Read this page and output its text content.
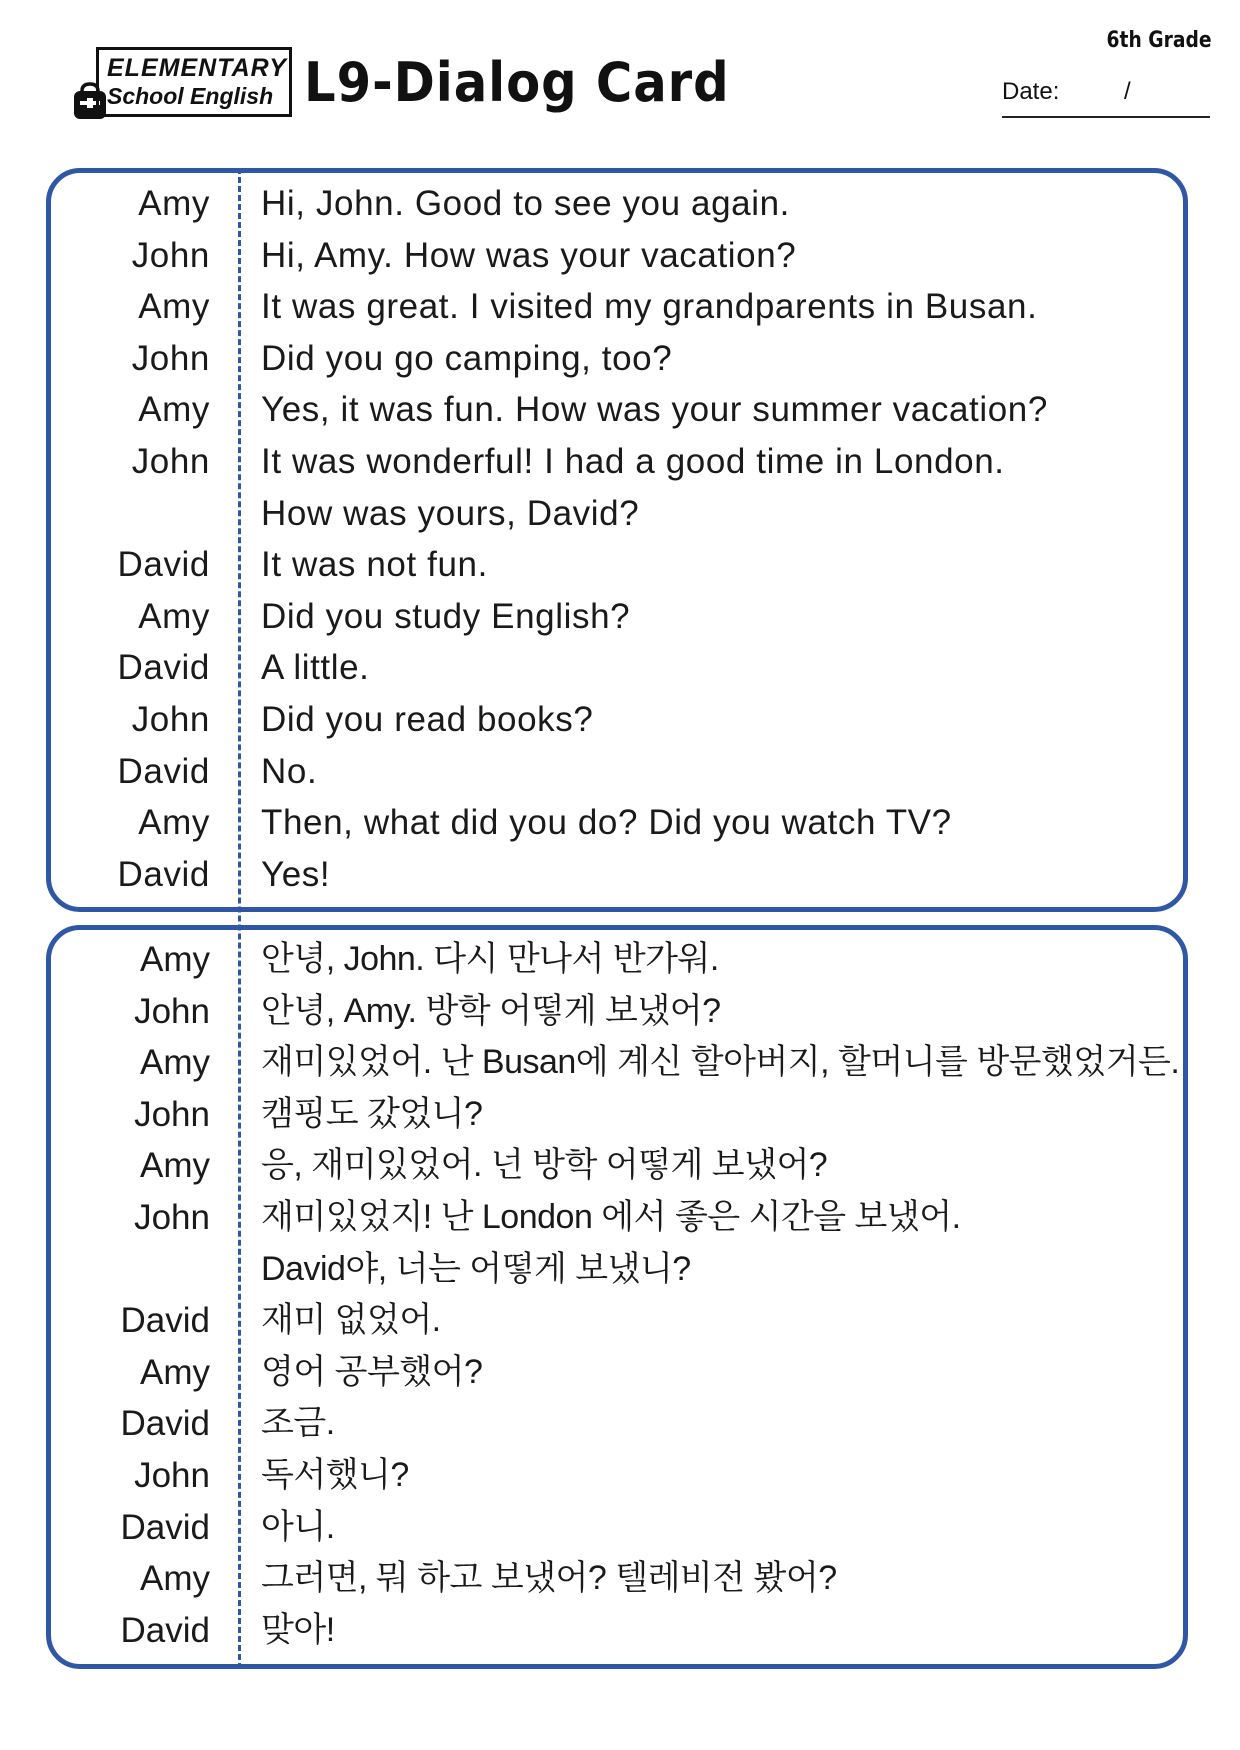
ELEMENTARY
School English L9-Dialog Card
6th Grade
Date:	/
Amy Hi, John. Good to see you again.
John Hi, Amy. How was your vacation?
Amy It was great. I visited my grandparents in Busan.
John Did you go camping, too?
Amy Yes, it was fun. How was your summer vacation?
John It was wonderful! I had a good time in London.
How was yours, David?
David It was not fun.
Amy Did you study English?
David A little.
John Did you read books?
David No.
Amy Then, what did you do? Did you watch TV?
David Yes!
Amy 안녕, John. 다시 만나서 반가워.
John 안녕, Amy. 방학 어떻게 보냈어?
Amy 재미있었어. 난 Busan에 계신 할아버지, 할머니를 방문했었거든.
John 캠핑도 갔었니?
Amy 응, 재미있었어. 넌 방학 어떻게 보냈어?
John 재미있었지! 난 London 에서 좋은 시간을 보냈어.
David야, 너는 어떻게 보냈니?
David 재미 없었어.
Amy 영어 공부했어?
David 조금.
John 독서했니?
David 아니.
Amy 그러면, 뭐 하고 보냈어? 텔레비전 봤어?
David 맞아!
